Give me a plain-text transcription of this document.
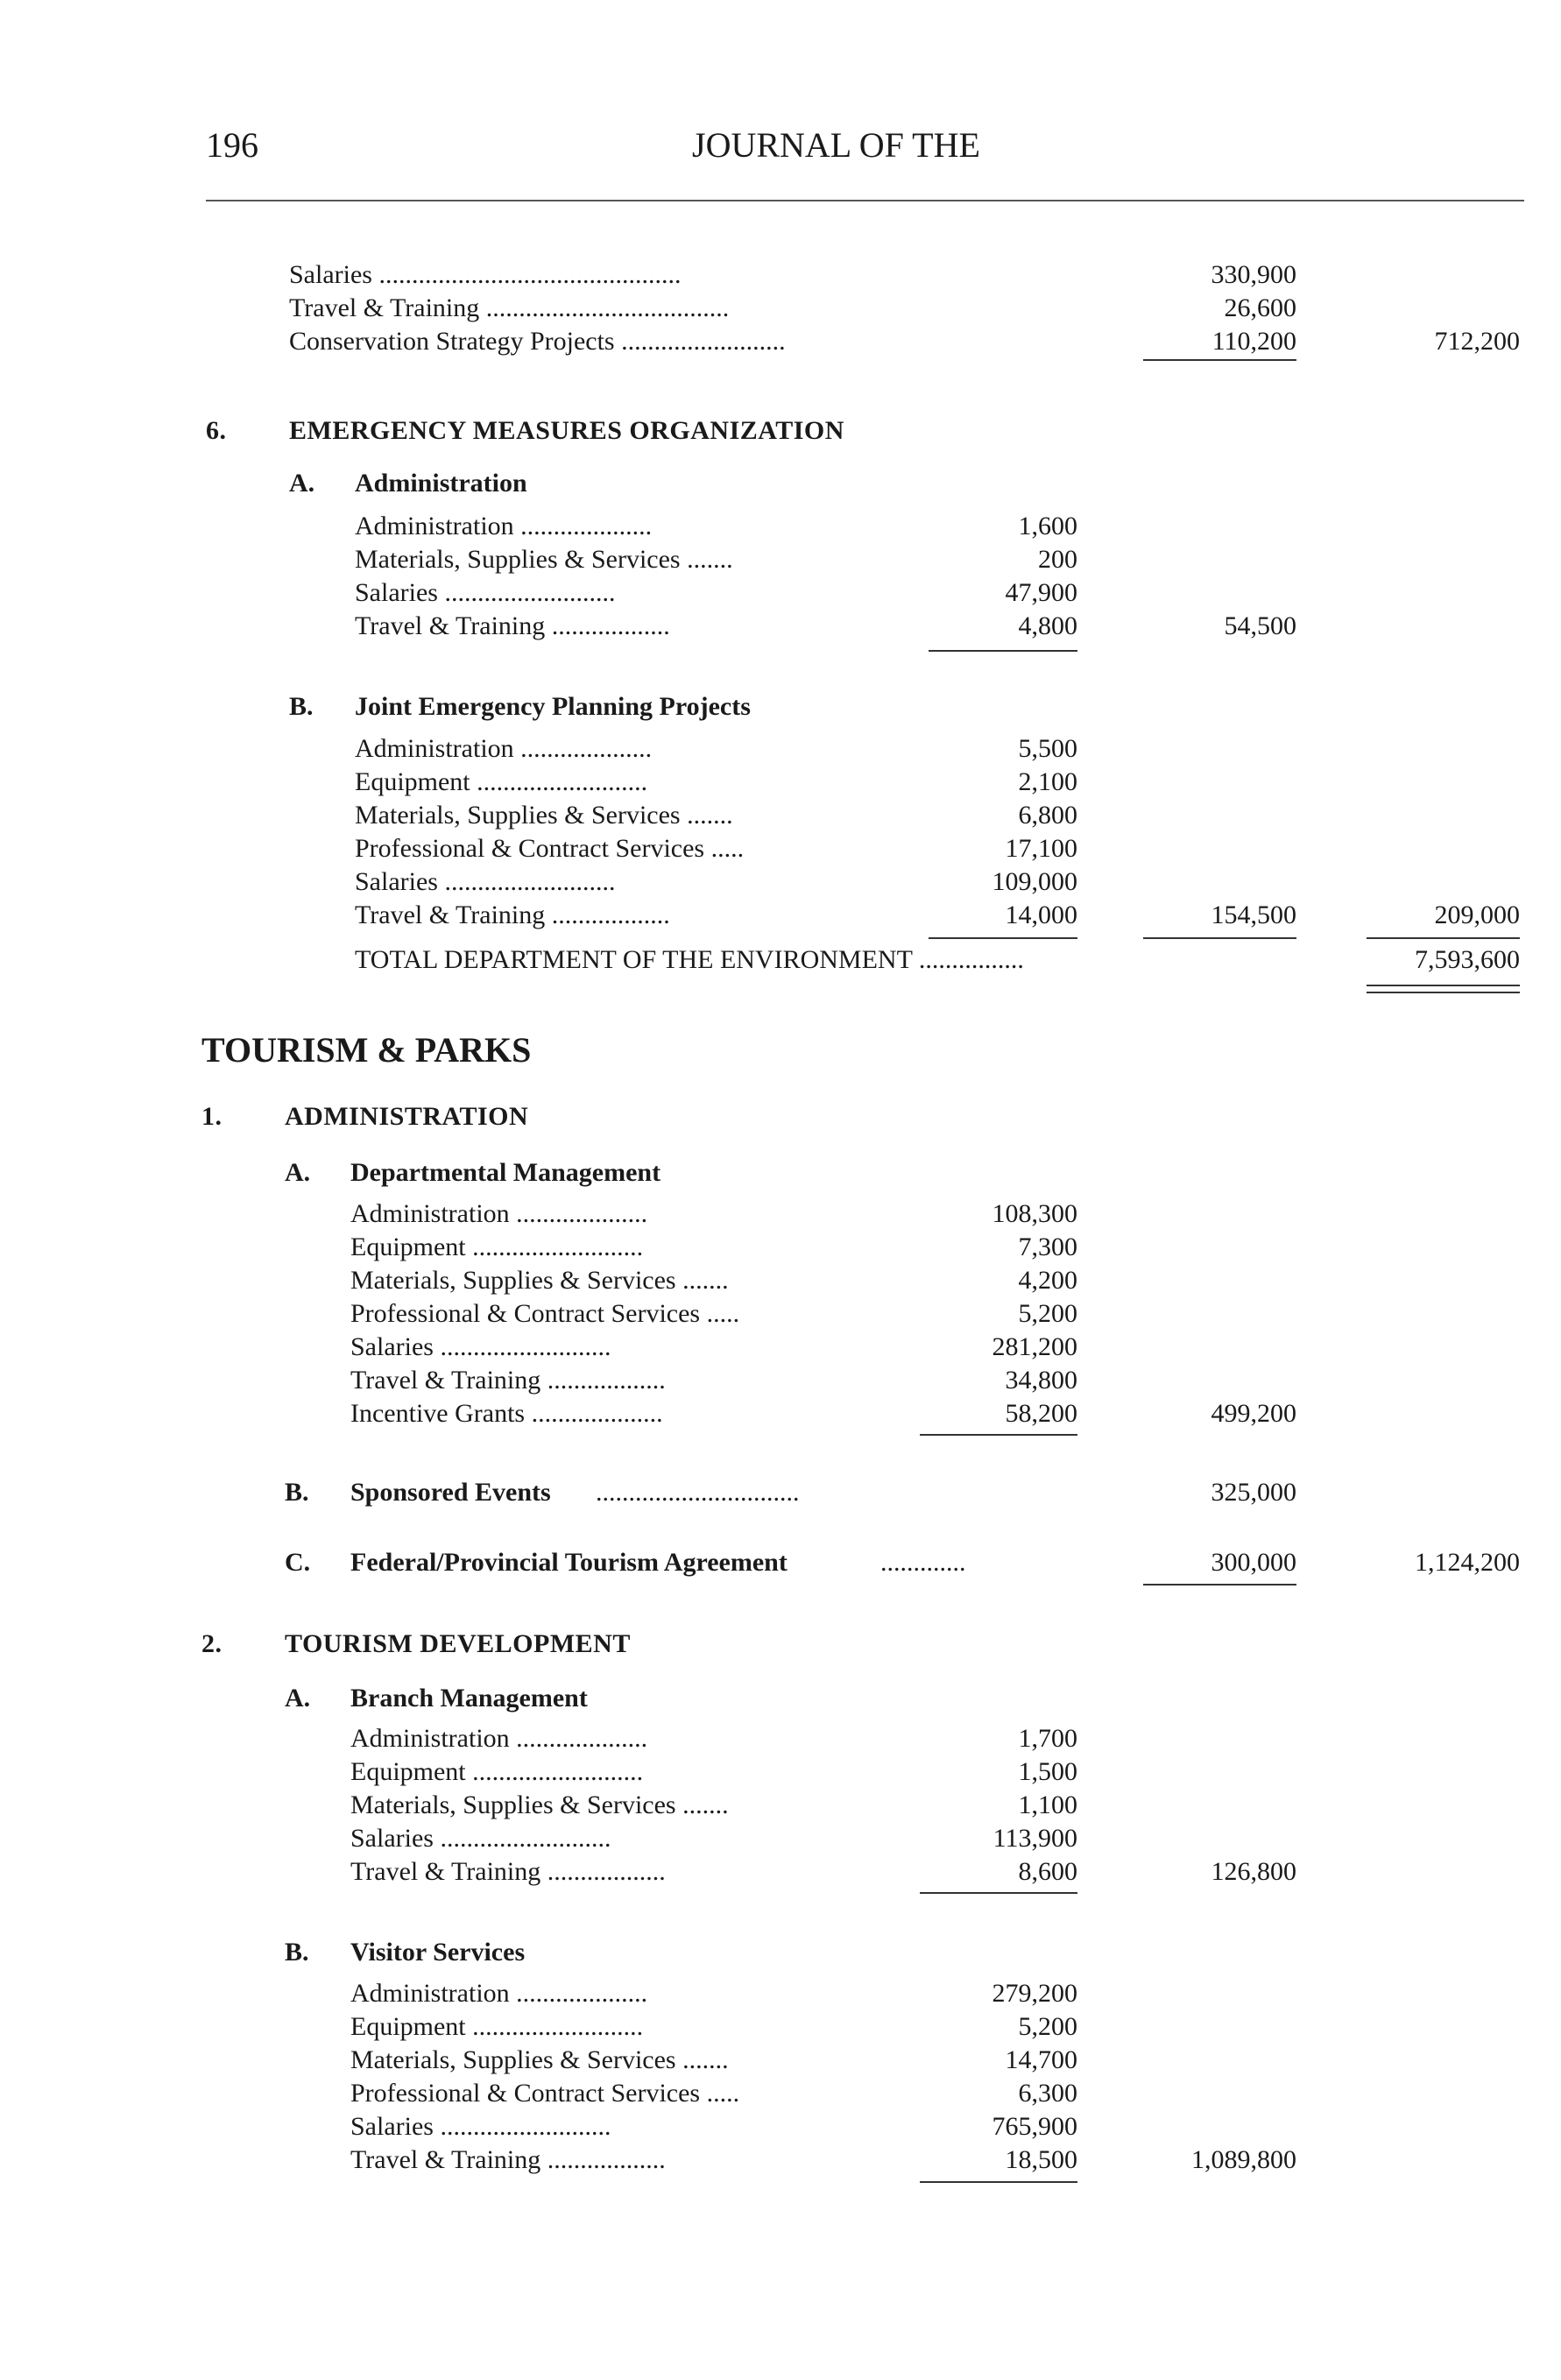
196	JOURNAL OF THE
Salaries ..............................................	330,900
Travel & Training .....................................	26,600
Conservation Strategy Projects .........................	110,200	712,200
6. EMERGENCY MEASURES ORGANIZATION
A. Administration
Administration ....................	1,600
Materials, Supplies & Services .......	200
Salaries ..........................	47,900
Travel & Training ..................	4,800	54,500
B. Joint Emergency Planning Projects
Administration ....................	5,500
Equipment ..........................	2,100
Materials, Supplies & Services .......	6,800
Professional & Contract Services .....	17,100
Salaries ..........................	109,000
Travel & Training ..................	14,000	154,500	209,000
TOTAL DEPARTMENT OF THE ENVIRONMENT ................	7,593,600
TOURISM & PARKS
1. ADMINISTRATION
A. Departmental Management
Administration ....................	108,300
Equipment ..........................	7,300
Materials, Supplies & Services .......	4,200
Professional & Contract Services .....	5,200
Salaries ..........................	281,200
Travel & Training ..................	34,800
Incentive Grants ....................	58,200	499,200
B.	Sponsored Events	...............................	325,000
C.	Federal/Provincial Tourism Agreement	.............	300,000	1,124,200
2. TOURISM DEVELOPMENT
A. Branch Management
Administration ....................	1,700
Equipment ..........................	1,500
Materials, Supplies & Services .......	1,100
Salaries ..........................	113,900
Travel & Training ..................	8,600	126,800
B. Visitor Services
Administration ....................	279,200
Equipment ..........................	5,200
Materials, Supplies & Services .......	14,700
Professional & Contract Services .....	6,300
Salaries ..........................	765,900
Travel & Training ..................	18,500	1,089,800
